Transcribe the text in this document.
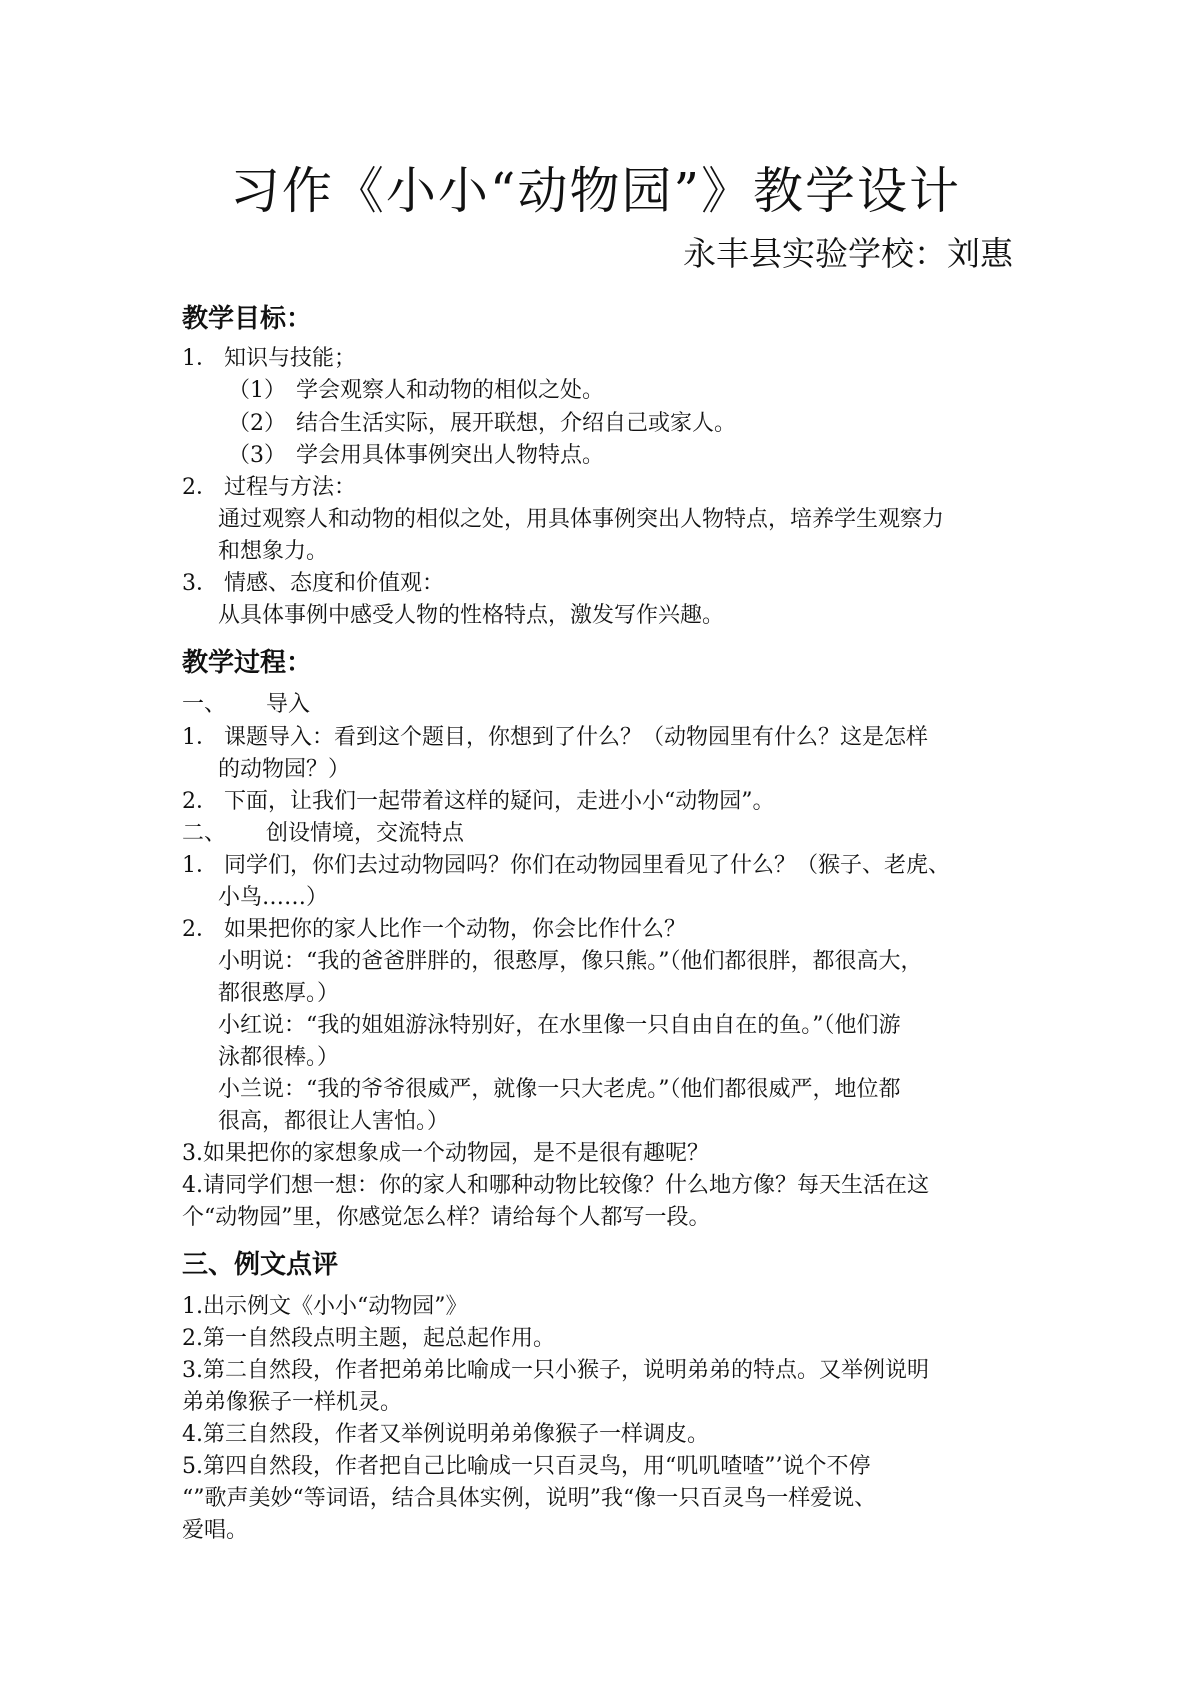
习作《小小“动物园”》教学设计
永丰县实验学校：刘惠
教学目标：
1． 知识与技能；
（1） 学会观察人和动物的相似之处。
（2） 结合生活实际，展开联想，介绍自己或家人。
（3） 学会用具体事例突出人物特点。
2． 过程与方法：
通过观察人和动物的相似之处，用具体事例突出人物特点，培养学生观察力
和想象力。
3． 情感、态度和价值观：
从具体事例中感受人物的性格特点，激发写作兴趣。
教学过程：
一、 导入
1． 课题导入：看到这个题目，你想到了什么？（动物园里有什么？这是怎样
的动物园？）
2． 下面，让我们一起带着这样的疑问，走进小小“动物园”。
二、 创设情境，交流特点
1． 同学们，你们去过动物园吗？你们在动物园里看见了什么？（猴子、老虎、
小鸟……）
2． 如果把你的家人比作一个动物，你会比作什么？
小明说：“我的爸爸胖胖的，很憨厚，像只熊。”（他们都很胖，都很高大，
都很憨厚。）
小红说：“我的姐姐游泳特别好，在水里像一只自由自在的鱼。”（他们游
泳都很棒。）
小兰说：“我的爷爷很威严，就像一只大老虎。”（他们都很威严，地位都
很高，都很让人害怕。）
3.如果把你的家想象成一个动物园，是不是很有趣呢？
4.请同学们想一想：你的家人和哪种动物比较像？什么地方像？每天生活在这
个“动物园”里，你感觉怎么样？请给每个人都写一段。
三、例文点评
1.出示例文《小小“动物园”》
2.第一自然段点明主题，起总起作用。
3.第二自然段，作者把弟弟比喻成一只小猴子，说明弟弟的特点。又举例说明
弟弟像猴子一样机灵。
4.第三自然段，作者又举例说明弟弟像猴子一样调皮。
5.第四自然段，作者把自己比喻成一只百灵鸟，用“叽叽喳喳”’说个不停
“”歌声美妙“等词语，结合具体实例，说明”我“像一只百灵鸟一样爱说、
爱唱。
